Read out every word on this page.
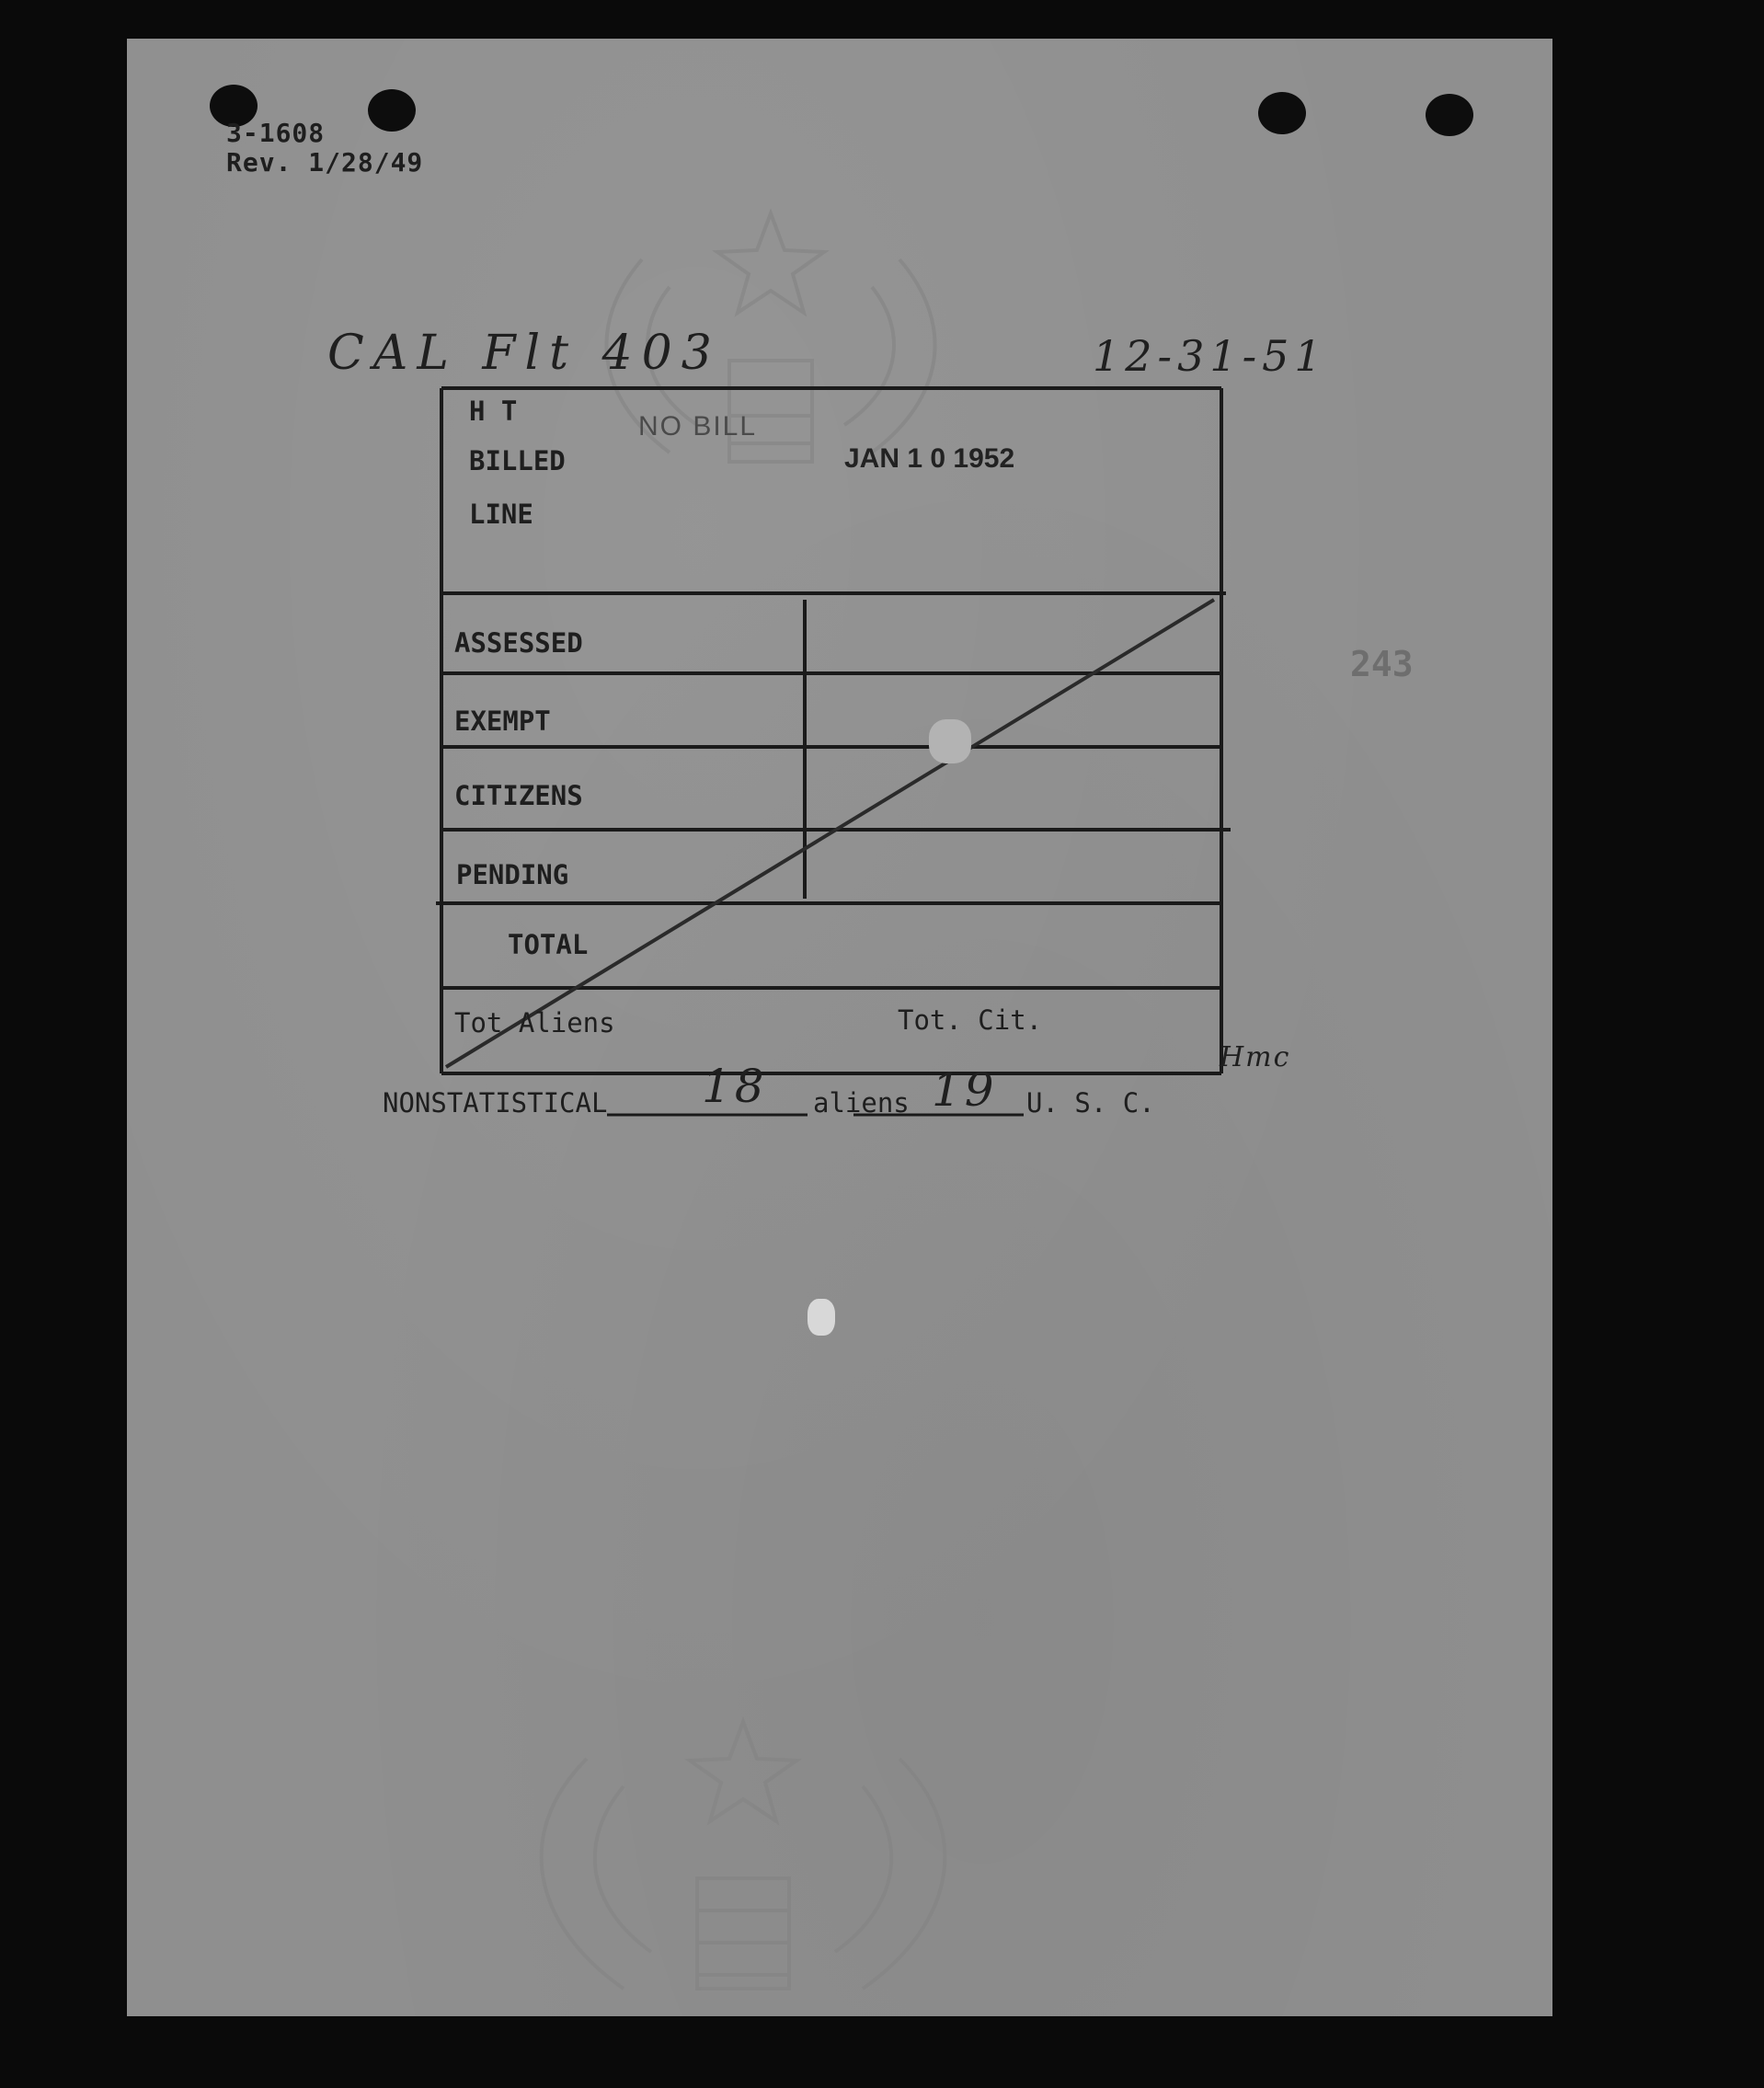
3-1608
Rev. 1/28/49
CAL Flt 403	12-31-51
243
H T
BILLED
LINE
NO BILL
JAN 1 0 1952
ASSESSED
EXEMPT
CITIZENS
PENDING
TOTAL
Tot Aliens	Tot. Cit.
Hmc
NONSTATISTICAL 18 aliens 19 U. S. C.
